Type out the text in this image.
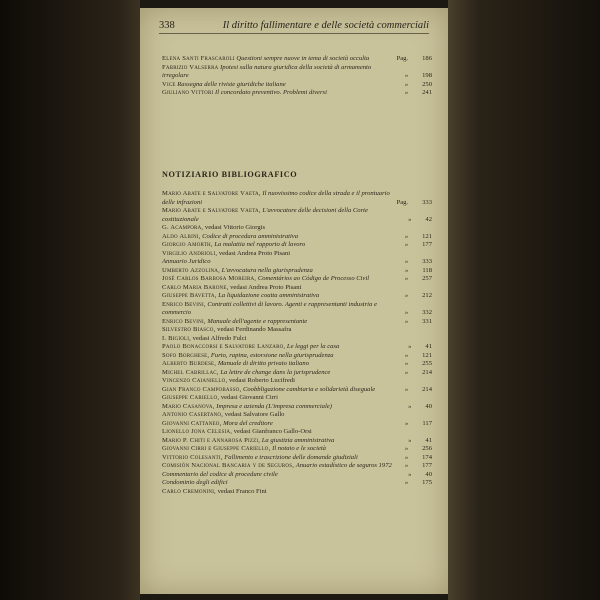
338	Il diritto fallimentare e delle società commerciali
Elena Santi Frascaroli Questioni sempre nuove in tema di società occulta	Pag. 186
Fabrizio Valserra Ipotesi sulla natura giuridica della società di armamento irregolare	» 198
Vice Rassegna delle riviste giuridiche italiane	» 250
Giuliano Vittori Il concordato preventivo. Problemi diversi	» 241
NOTIZIARIO BIBLIOGRAFICO
Mario Abate e Salvatore Vaeta, Il nuovissimo codice della strada e il prontuario delle infrazioni	Pag. 333
Mario Abate e Salvatore Vaeta, L'avvocatore delle decisioni della Corte costituzionale	» 42
G. Acampora, vedasi Vittorio Giorgis
Aldo Albini, Codice di procedura amministrativa	» 121
Giorgio Amorth, La malattia nel rapporto di lavoro	» 177
Virgilio Andrioli, vedasi Andrea Proto Pisani
Annuario Juridico	» 333
Umberto Azzolina, L'avvocatura nella giurisprudenza	» 118
José Carlos Barbosa Moreira, Comentários ao Código de Processo Civil	» 257
Carlo Maria Barone, vedasi Andrea Proto Pisani
Giuseppe Bavetta, La liquidazione coatta amministrativa	» 212
Enrico Bevini, Contratti collettivi di lavoro. Agenti e rappresentanti industria e commercio	» 332
Enrico Bevini, Manuale dell'agente e rappresentante	» 331
Silvestro Biasco, vedasi Ferdinando Massafra
I. Bigioli, vedasi Alfredo Fulci
Paolo Bonaccorsi e Salvatore Lanzaro, Le leggi per la casa	» 41
Sofo Borghese, Furto, rapina, estorsione nella giurisprudenza	» 121
Alberto Burdese, Manuale di diritto privato italiano	» 255
Michel Cabrillac, La lettre de change dans la jurisprudence	» 214
Vincenzo Caianiello, vedasi Roberto Lucifredi
Gian Franco Campobasso, Coobbligazione cambiaria e solidarietà diseguale	» 214
Giuseppe Cariello, vedasi Giovanni Cirri
Mario Casanova, Impresa e azienda (L'impresa commerciale)	» 40
Antonio Casertano, vedasi Salvatore Gallo
Giovanni Cattaneo, Mora del creditore	» 117
Lionello Jona Celesia, vedasi Gianfranco Gallo-Orsi
Mario P. Chiti e Annarosa Pizzi, La giustizia amministrativa	» 41
Giovanni Cirri e Giuseppe Cariello, Il notaio e le società	» 256
Vittorio Colesanti, Fallimento e trascrizione delle domande giudiziali	» 174
Comisión Nacional Bancaria y de Seguros, Anuario estadístico de seguros 1972	» 177
Commentario del codice di procedure civile	» 40
Condominio degli edifici	» 175
Carlo Cremonini, vedasi Franco Fini
